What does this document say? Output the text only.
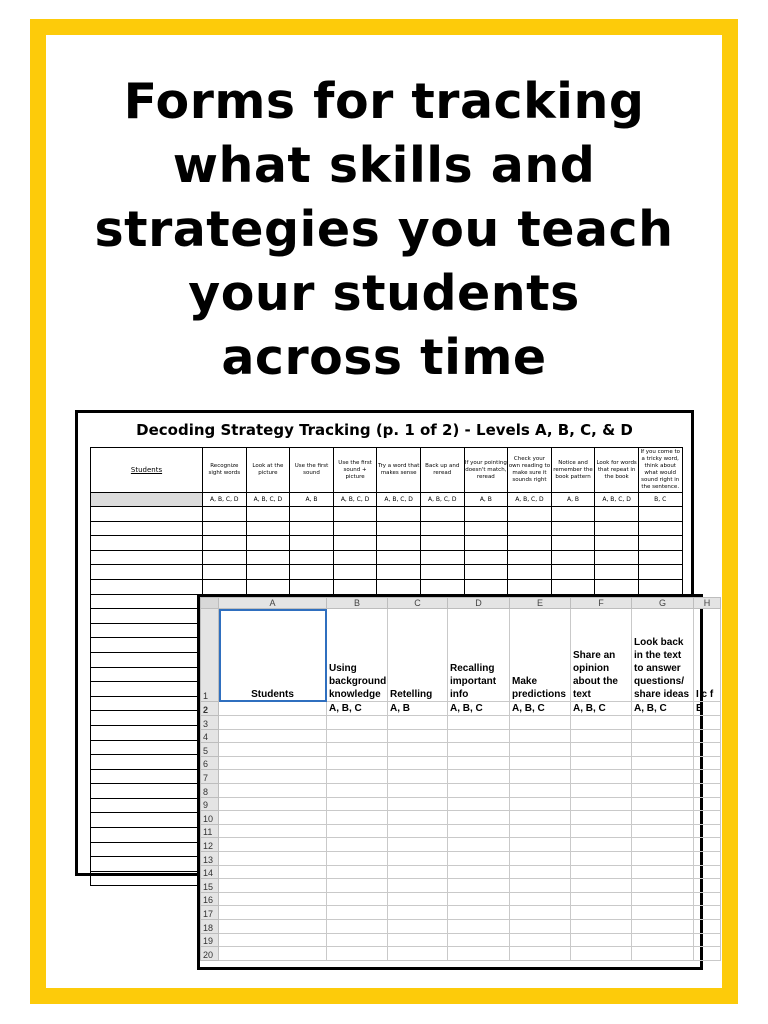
Forms for tracking
what skills and
strategies you teach
your students
across time
Decoding Strategy Tracking (p. 1 of 2) - Levels A, B, C, & D
Students	Recognize sight words	Look at the picture	Use the first sound	Use the first sound + picture	Try a word that makes sense	Back up and reread	If your pointing doesn't match, reread	Check your own reading to make sure it sounds right	Notice and remember the book pattern	Look for words that repeat in the book	If you come to a tricky word, think about what would sound right in the sentence.
	A, B, C, D	A, B, C, D	A, B	A, B, C, D	A, B, C, D	A, B, C, D	A, B	A, B, C, D	A, B	A, B, C, D	B, C

	A	B	C	D	E	F	G	H
1	Students	Using background knowledge	Retelling	Recalling important info	Make predictions	Share an opinion about the text	Look back in the text to answer questions/ share ideas	I c f
2		A, B, C	A, B	A, B, C	A, B, C	A, B, C	A, B, C	B
3								
4								
5								
6								
7								
8								
9								
10								
11								
12								
13								
14								
15								
16								
17								
18								
19								
20								
